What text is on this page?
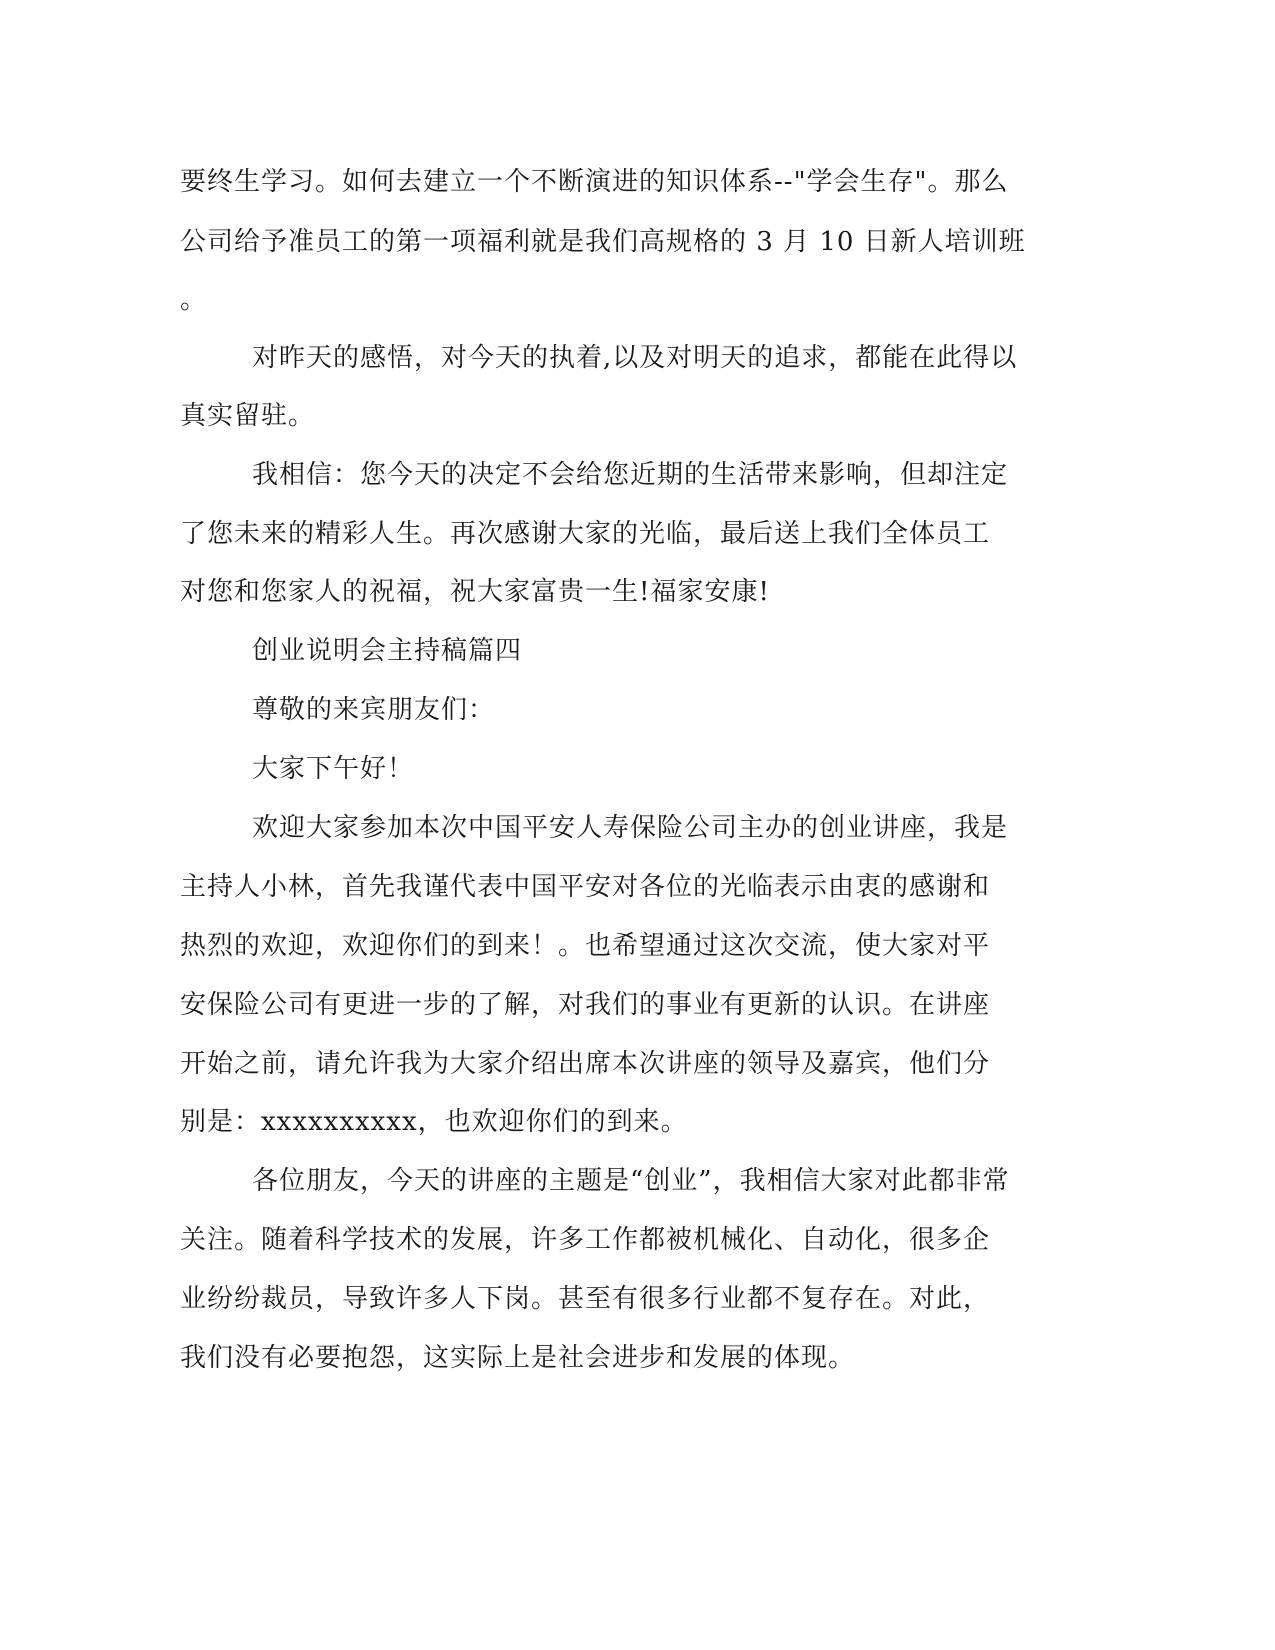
要终生学习。如何去建立一个不断演进的知识体系--"学会生存"。那么
公司给予准员工的第一项福利就是我们高规格的 3 月 10 日新人培训班
。
对昨天的感悟，对今天的执着,以及对明天的追求，都能在此得以
真实留驻。
我相信：您今天的决定不会给您近期的生活带来影响，但却注定
了您未来的精彩人生。再次感谢大家的光临，最后送上我们全体员工
对您和您家人的祝福，祝大家富贵一生!福家安康!
创业说明会主持稿篇四
尊敬的来宾朋友们：
大家下午好！
欢迎大家参加本次中国平安人寿保险公司主办的创业讲座，我是
主持人小林，首先我谨代表中国平安对各位的光临表示由衷的感谢和
热烈的欢迎，欢迎你们的到来！。也希望通过这次交流，使大家对平
安保险公司有更进一步的了解，对我们的事业有更新的认识。在讲座
开始之前，请允许我为大家介绍出席本次讲座的领导及嘉宾，他们分
别是：xxxxxxxxxx，也欢迎你们的到来。
各位朋友，今天的讲座的主题是“创业”，我相信大家对此都非常
关注。随着科学技术的发展，许多工作都被机械化、自动化，很多企
业纷纷裁员，导致许多人下岗。甚至有很多行业都不复存在。对此，
我们没有必要抱怨，这实际上是社会进步和发展的体现。
